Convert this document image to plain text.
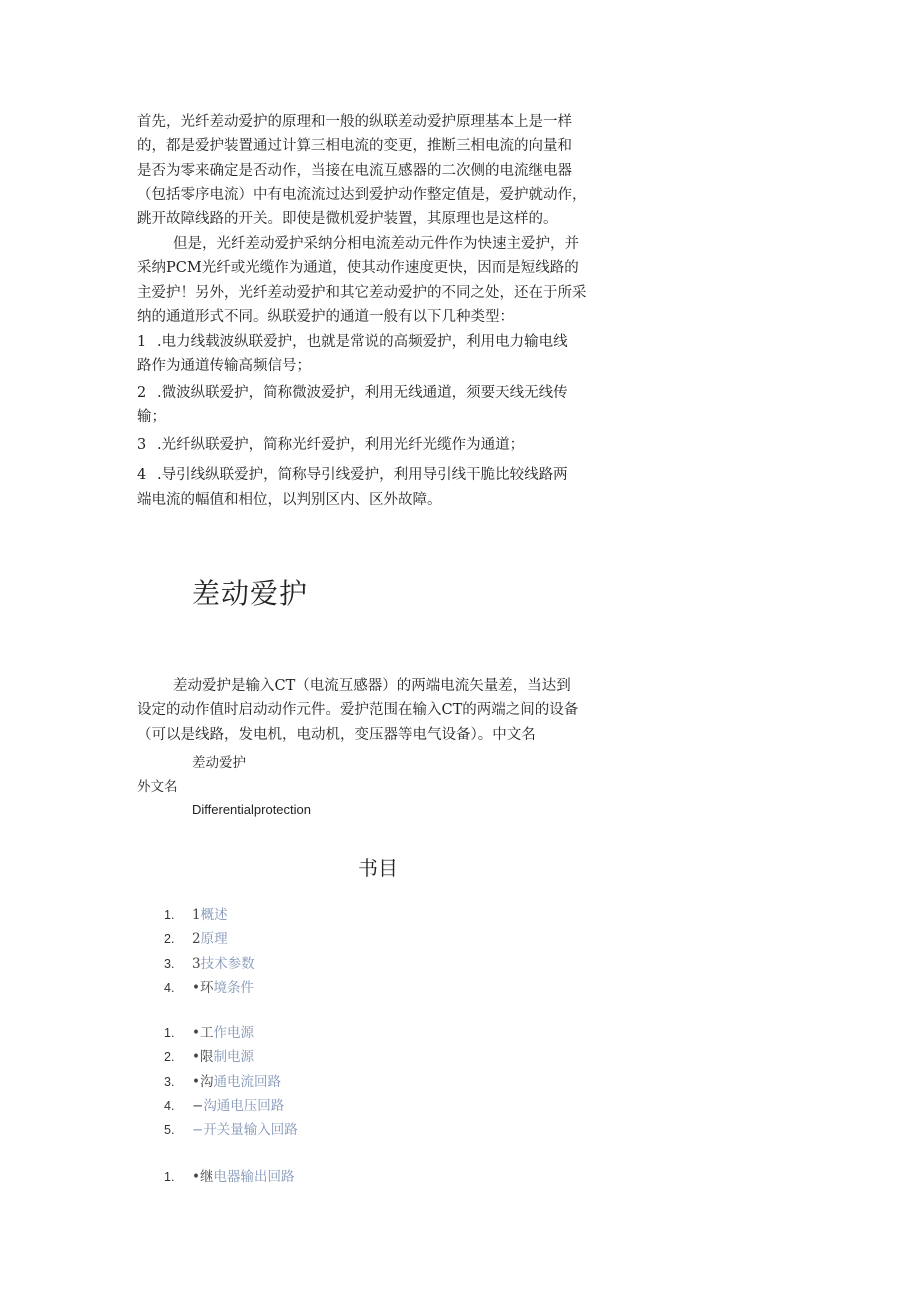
首先，光纤差动爱护的原理和一般的纵联差动爱护原理基本上是一样
的，都是爱护装置通过计算三相电流的变更，推断三相电流的向量和
是否为零来确定是否动作，当接在电流互感器的二次侧的电流继电器
（包括零序电流）中有电流流过达到爱护动作整定值是，爱护就动作，
跳开故障线路的开关。即使是微机爱护装置，其原理也是这样的。
但是，光纤差动爱护采纳分相电流差动元件作为快速主爱护，并
采纳PCM光纤或光缆作为通道，使其动作速度更快，因而是短线路的
主爱护！另外，光纤差动爱护和其它差动爱护的不同之处，还在于所采
纳的通道形式不同。纵联爱护的通道一般有以下几种类型：
1 .电力线载波纵联爱护，也就是常说的高频爱护，利用电力输电线
路作为通道传输高频信号；
2 .微波纵联爱护，简称微波爱护，利用无线通道，须要天线无线传
输；
3 .光纤纵联爱护，简称光纤爱护，利用光纤光缆作为通道；
4 .导引线纵联爱护，简称导引线爱护，利用导引线干脆比较线路两
端电流的幅值和相位，以判别区内、区外故障。
差动爱护
差动爱护是输入CT（电流互感器）的两端电流矢量差，当达到
设定的动作值时启动动作元件。爱护范围在输入CT的两端之间的设备
（可以是线路，发电机，电动机，变压器等电气设备）。中文名
差动爱护
外文名
Differentialprotection
书目
1. 1概述
2. 2原理
3. 3技术参数
4. •环境条件
1. •工作电源
2. •限制电源
3. •沟通电流回路
4. −沟通电压回路
5. −开关量输入回路
1. •继电器输出回路
